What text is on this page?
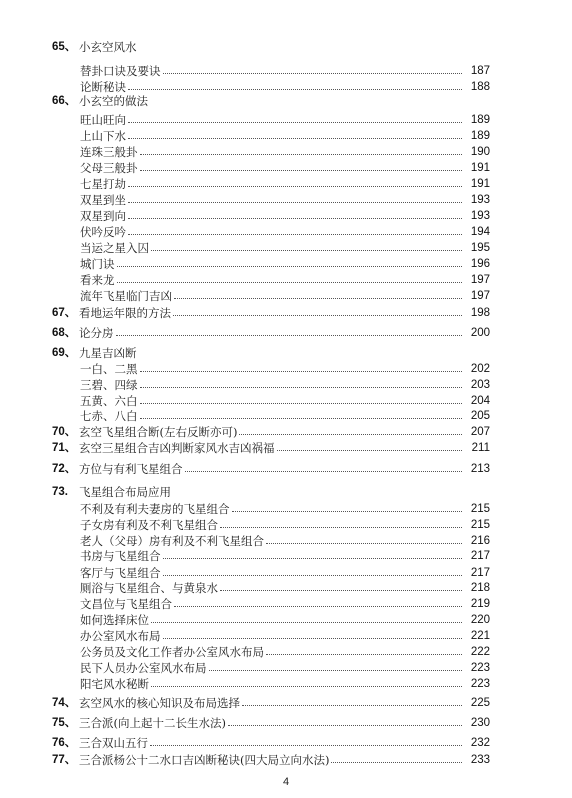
65、 小玄空风水
替卦口诀及要诀	187
论断秘诀	188
66、 小玄空的做法
旺山旺向	189
上山下水	189
连珠三般卦	190
父母三般卦	191
七星打劫	191
双星到坐	193
双星到向	193
伏吟反吟	194
当运之星入囚	195
城门诀	196
看来龙	197
流年飞星临门吉凶	197
67、 看地运年限的方法	198
68、 论分房	200
69、 九星吉凶断
一白、二黑	202
三碧、四绿	203
五黄、六白	204
七赤、八白	205
70、 玄空飞星组合断(左右反断亦可)	207
71、 玄空三星组合吉凶判断家风水吉凶祸福	211
72、 方位与有利飞星组合	213
73. 飞星组合布局应用
不利及有利夫妻房的飞星组合	215
子女房有利及不利飞星组合	215
老人（父母）房有利及不利飞星组合	216
书房与飞星组合	217
客厅与飞星组合	217
厕浴与飞星组合、与黄泉水	218
文昌位与飞星组合	219
如何选择床位	220
办公室风水布局	221
公务员及文化工作者办公室风水布局	222
民下人员办公室风水布局	223
阳宅风水秘断	223
74、 玄空风水的核心知识及布局选择	225
75、 三合派(向上起十二长生水法)	230
76、 三合双山五行	232
77、 三合派杨公十二水口吉凶断秘诀(四大局立向水法)	233
4
